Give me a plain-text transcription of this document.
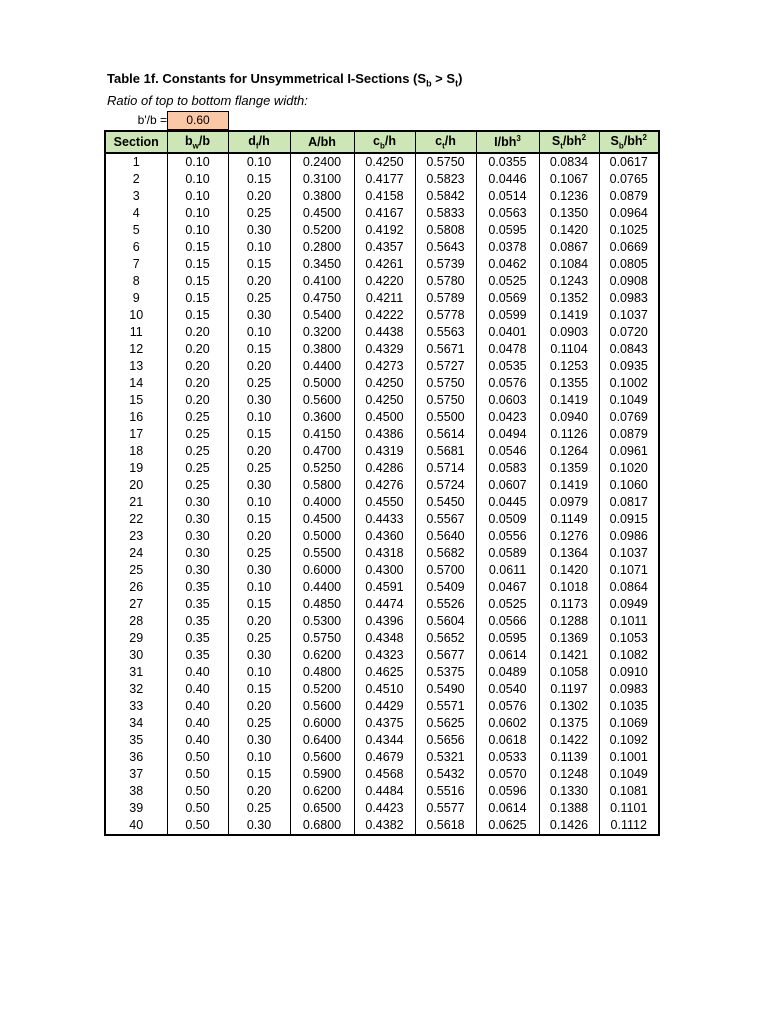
Table 1f. Constants for Unsymmetrical I-Sections $(S_b > S_t)$
Ratio of top to bottom flange width:
b'/b =	0.60
Section	$b_w/b$	$d_f/h$	A/bh	$c_b/h$	$c_t/h$	$I/bh^3$	$S_t/bh^2$	$S_b/bh^2$
1	0.10	0.10	0.2400	0.4250	0.5750	0.0355	0.0834	0.0617
2	0.10	0.15	0.3100	0.4177	0.5823	0.0446	0.1067	0.0765
3	0.10	0.20	0.3800	0.4158	0.5842	0.0514	0.1236	0.0879
4	0.10	0.25	0.4500	0.4167	0.5833	0.0563	0.1350	0.0964
5	0.10	0.30	0.5200	0.4192	0.5808	0.0595	0.1420	0.1025
6	0.15	0.10	0.2800	0.4357	0.5643	0.0378	0.0867	0.0669
7	0.15	0.15	0.3450	0.4261	0.5739	0.0462	0.1084	0.0805
8	0.15	0.20	0.4100	0.4220	0.5780	0.0525	0.1243	0.0908
9	0.15	0.25	0.4750	0.4211	0.5789	0.0569	0.1352	0.0983
10	0.15	0.30	0.5400	0.4222	0.5778	0.0599	0.1419	0.1037
11	0.20	0.10	0.3200	0.4438	0.5563	0.0401	0.0903	0.0720
12	0.20	0.15	0.3800	0.4329	0.5671	0.0478	0.1104	0.0843
13	0.20	0.20	0.4400	0.4273	0.5727	0.0535	0.1253	0.0935
14	0.20	0.25	0.5000	0.4250	0.5750	0.0576	0.1355	0.1002
15	0.20	0.30	0.5600	0.4250	0.5750	0.0603	0.1419	0.1049
16	0.25	0.10	0.3600	0.4500	0.5500	0.0423	0.0940	0.0769
17	0.25	0.15	0.4150	0.4386	0.5614	0.0494	0.1126	0.0879
18	0.25	0.20	0.4700	0.4319	0.5681	0.0546	0.1264	0.0961
19	0.25	0.25	0.5250	0.4286	0.5714	0.0583	0.1359	0.1020
20	0.25	0.30	0.5800	0.4276	0.5724	0.0607	0.1419	0.1060
21	0.30	0.10	0.4000	0.4550	0.5450	0.0445	0.0979	0.0817
22	0.30	0.15	0.4500	0.4433	0.5567	0.0509	0.1149	0.0915
23	0.30	0.20	0.5000	0.4360	0.5640	0.0556	0.1276	0.0986
24	0.30	0.25	0.5500	0.4318	0.5682	0.0589	0.1364	0.1037
25	0.30	0.30	0.6000	0.4300	0.5700	0.0611	0.1420	0.1071
26	0.35	0.10	0.4400	0.4591	0.5409	0.0467	0.1018	0.0864
27	0.35	0.15	0.4850	0.4474	0.5526	0.0525	0.1173	0.0949
28	0.35	0.20	0.5300	0.4396	0.5604	0.0566	0.1288	0.1011
29	0.35	0.25	0.5750	0.4348	0.5652	0.0595	0.1369	0.1053
30	0.35	0.30	0.6200	0.4323	0.5677	0.0614	0.1421	0.1082
31	0.40	0.10	0.4800	0.4625	0.5375	0.0489	0.1058	0.0910
32	0.40	0.15	0.5200	0.4510	0.5490	0.0540	0.1197	0.0983
33	0.40	0.20	0.5600	0.4429	0.5571	0.0576	0.1302	0.1035
34	0.40	0.25	0.6000	0.4375	0.5625	0.0602	0.1375	0.1069
35	0.40	0.30	0.6400	0.4344	0.5656	0.0618	0.1422	0.1092
36	0.50	0.10	0.5600	0.4679	0.5321	0.0533	0.1139	0.1001
37	0.50	0.15	0.5900	0.4568	0.5432	0.0570	0.1248	0.1049
38	0.50	0.20	0.6200	0.4484	0.5516	0.0596	0.1330	0.1081
39	0.50	0.25	0.6500	0.4423	0.5577	0.0614	0.1388	0.1101
40	0.50	0.30	0.6800	0.4382	0.5618	0.0625	0.1426	0.1112
